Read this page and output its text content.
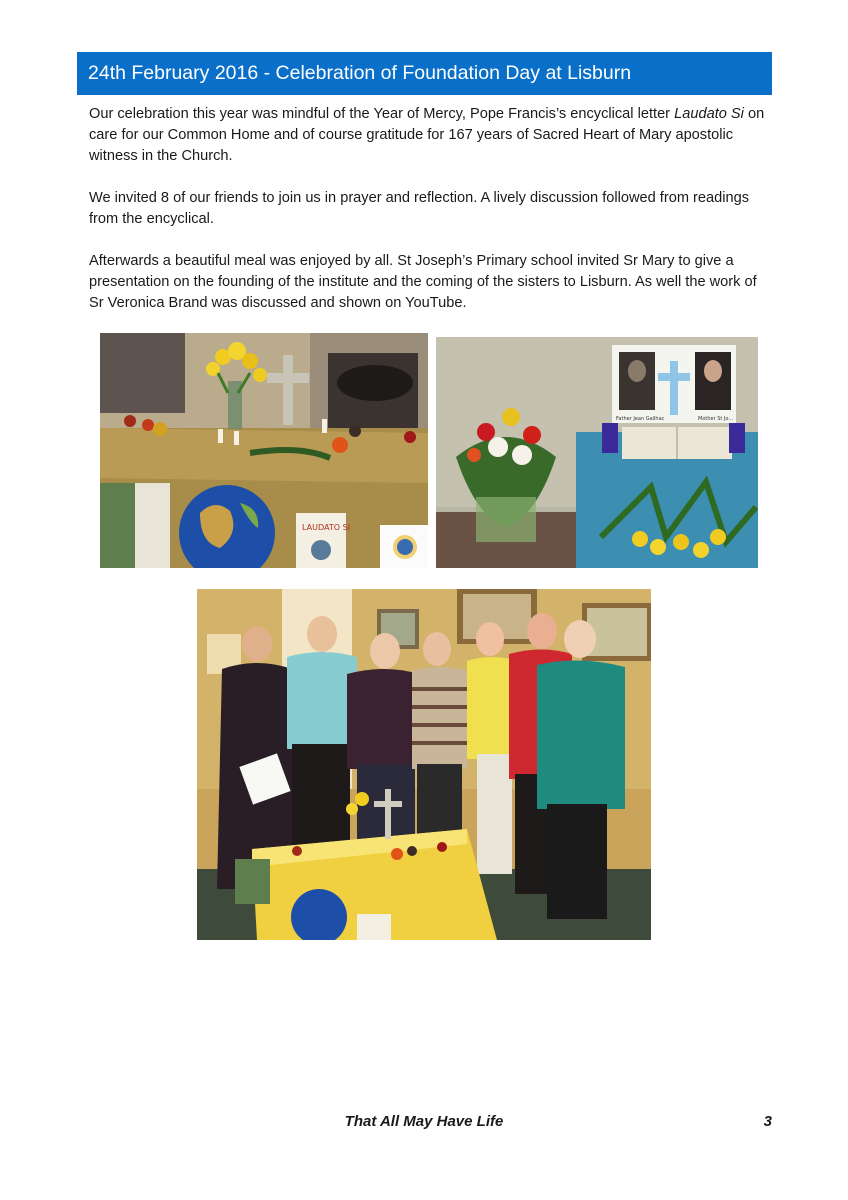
24th February 2016 - Celebration of Foundation Day at Lisburn

Our celebration this year was mindful of the Year of Mercy, Pope Francis’s encyclical letter Laudato Si on care for our Common Home and of course gratitude for 167 years of Sacred Heart of Mary apostolic witness in the Church.

We invited 8 of our friends to join us in prayer and reflection. A lively discussion followed from readings from the encyclical.

Afterwards a beautiful meal was enjoyed by all. St Joseph’s Primary school invited Sr Mary to give a presentation on the founding of the institute and the coming of the sisters to Lisburn. As well the work of Sr Veronica Brand was discussed and shown on YouTube.

LAUDATO SI
Father Jean Gailhac	Mother St Jo...
That All May Have Life	3
